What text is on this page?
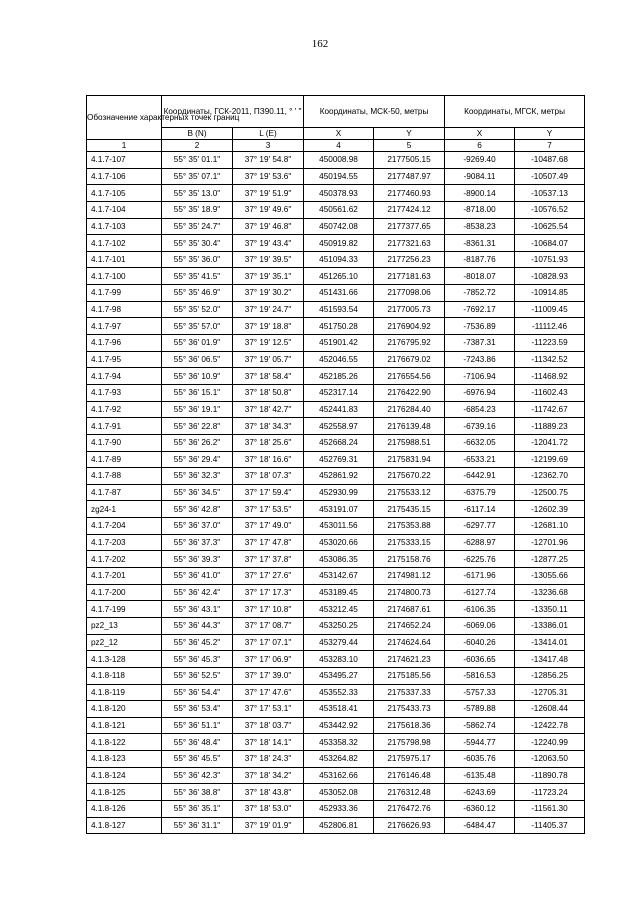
162
Обозначение характерных точек границ	Координаты, ГСК-2011, ПЗ90.11, ° ' "		Координаты, МСК-50, метры		Координаты, МГСК, метры	
	B (N)	L (E)	X	Y	X	Y
1	2	3	4	5	6	7
4.1.7-107	55° 35' 01.1"	37° 19' 54.8"	450008.98	2177505.15	-9269.40	-10487.68
4.1.7-106	55° 35' 07.1"	37° 19' 53.6"	450194.55	2177487.97	-9084.11	-10507.49
4.1.7-105	55° 35' 13.0"	37° 19' 51.9"	450378.93	2177460.93	-8900.14	-10537.13
4.1.7-104	55° 35' 18.9"	37° 19' 49.6"	450561.62	2177424.12	-8718.00	-10576.52
4.1.7-103	55° 35' 24.7"	37° 19' 46.8"	450742.08	2177377.65	-8538.23	-10625.54
4.1.7-102	55° 35' 30.4"	37° 19' 43.4"	450919.82	2177321.63	-8361.31	-10684.07
4.1.7-101	55° 35' 36.0"	37° 19' 39.5"	451094.33	2177256.23	-8187.76	-10751.93
4.1.7-100	55° 35' 41.5"	37° 19' 35.1"	451265.10	2177181.63	-8018.07	-10828.93
4.1.7-99	55° 35' 46.9"	37° 19' 30.2"	451431.66	2177098.06	-7852.72	-10914.85
4.1.7-98	55° 35' 52.0"	37° 19' 24.7"	451593.54	2177005.73	-7692.17	-11009.45
4.1.7-97	55° 35' 57.0"	37° 19' 18.8"	451750.28	2176904.92	-7536.89	-11112.46
4.1.7-96	55° 36' 01.9"	37° 19' 12.5"	451901.42	2176795.92	-7387.31	-11223.59
4.1.7-95	55° 36' 06.5"	37° 19' 05.7"	452046.55	2176679.02	-7243.86	-11342.52
4.1.7-94	55° 36' 10.9"	37° 18' 58.4"	452185.26	2176554.56	-7106.94	-11468.92
4.1.7-93	55° 36' 15.1"	37° 18' 50.8"	452317.14	2176422.90	-6976.94	-11602.43
4.1.7-92	55° 36' 19.1"	37° 18' 42.7"	452441.83	2176284.40	-6854.23	-11742.67
4.1.7-91	55° 36' 22.8"	37° 18' 34.3"	452558.97	2176139.48	-6739.16	-11889.23
4.1.7-90	55° 36' 26.2"	37° 18' 25.6"	452668.24	2175988.51	-6632.05	-12041.72
4.1.7-89	55° 36' 29.4"	37° 18' 16.6"	452769.31	2175831.94	-6533.21	-12199.69
4.1.7-88	55° 36' 32.3"	37° 18' 07.3"	452861.92	2175670.22	-6442.91	-12362.70
4.1.7-87	55° 36' 34.5"	37° 17' 59.4"	452930.99	2175533.12	-6375.79	-12500.75
zg24-1	55° 36' 42.8"	37° 17' 53.5"	453191.07	2175435.15	-6117.14	-12602.39
4.1.7-204	55° 36' 37.0"	37° 17' 49.0"	453011.56	2175353.88	-6297.77	-12681.10
4.1.7-203	55° 36' 37.3"	37° 17' 47.8"	453020.66	2175333.15	-6288.97	-12701.96
4.1.7-202	55° 36' 39.3"	37° 17' 37.8"	453086.35	2175158.76	-6225.76	-12877.25
4.1.7-201	55° 36' 41.0"	37° 17' 27.6"	453142.67	2174981.12	-6171.96	-13055.66
4.1.7-200	55° 36' 42.4"	37° 17' 17.3"	453189.45	2174800.73	-6127.74	-13236.68
4.1.7-199	55° 36' 43.1"	37° 17' 10.8"	453212.45	2174687.61	-6106.35	-13350.11
pz2_13	55° 36' 44.3"	37° 17' 08.7"	453250.25	2174652.24	-6069.06	-13386.01
pz2_12	55° 36' 45.2"	37° 17' 07.1"	453279.44	2174624.64	-6040.26	-13414.01
4.1.3-128	55° 36' 45.3"	37° 17' 06.9"	453283.10	2174621.23	-6036.65	-13417.48
4.1.8-118	55° 36' 52.5"	37° 17' 39.0"	453495.27	2175185.56	-5816.53	-12856.25
4.1.8-119	55° 36' 54.4"	37° 17' 47.6"	453552.33	2175337.33	-5757.33	-12705.31
4.1.8-120	55° 36' 53.4"	37° 17' 53.1"	453518.41	2175433.73	-5789.88	-12608.44
4.1.8-121	55° 36' 51.1"	37° 18' 03.7"	453442.92	2175618.36	-5862.74	-12422.78
4.1.8-122	55° 36' 48.4"	37° 18' 14.1"	453358.32	2175798.98	-5944.77	-12240.99
4.1.8-123	55° 36' 45.5"	37° 18' 24.3"	453264.82	2175975.17	-6035.76	-12063.50
4.1.8-124	55° 36' 42.3"	37° 18' 34.2"	453162.66	2176146.48	-6135.48	-11890.78
4.1.8-125	55° 36' 38.8"	37° 18' 43.8"	453052.08	2176312.48	-6243.69	-11723.24
4.1.8-126	55° 36' 35.1"	37° 18' 53.0"	452933.36	2176472.76	-6360.12	-11561.30
4.1.8-127	55° 36' 31.1"	37° 19' 01.9"	452806.81	2176626.93	-6484.47	-11405.37
